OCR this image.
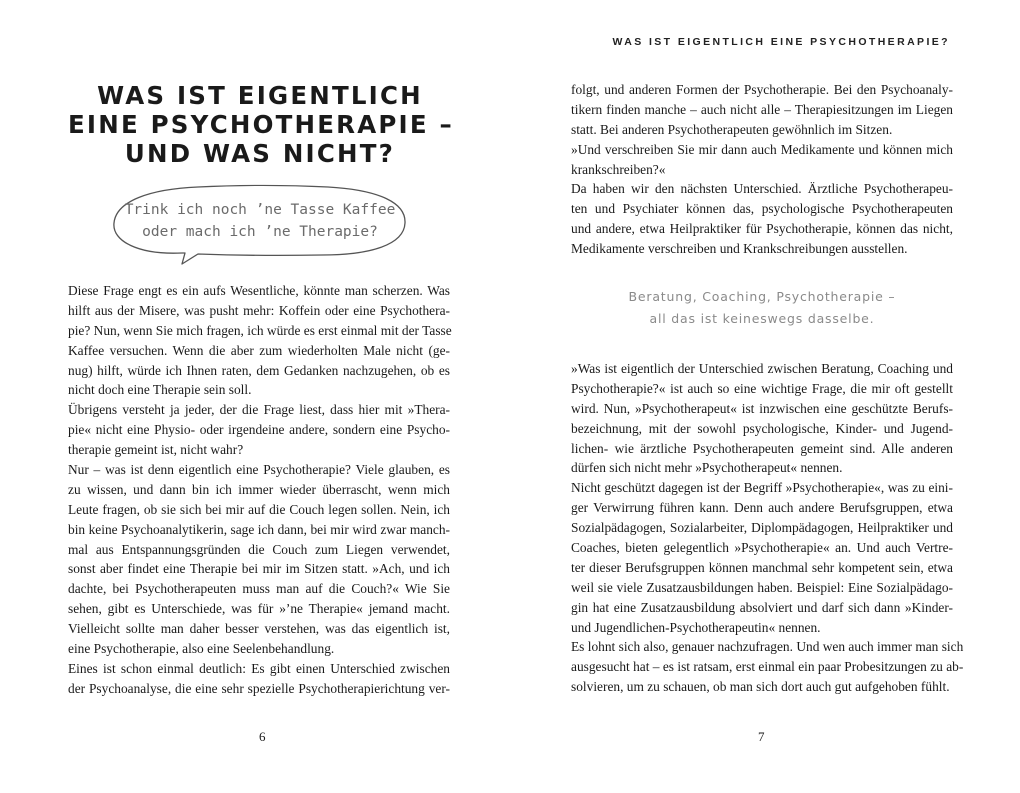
WAS IST EIGENTLICH
EINE PSYCHOTHERAPIE –
UND WAS NICHT?
Trink ich noch ’ne Tasse Kaffee
oder mach ich ’ne Therapie?
Diese Frage engt es ein aufs Wesentliche, könnte man scherzen. Was
hilft aus der Misere, was pusht mehr: Koffein oder eine Psychothera-
pie? Nun, wenn Sie mich fragen, ich würde es erst einmal mit der Tasse
Kaffee versuchen. Wenn die aber zum wiederholten Male nicht (ge-
nug) hilft, würde ich Ihnen raten, dem Gedanken nachzugehen, ob es
nicht doch eine Therapie sein soll.
Übrigens versteht ja jeder, der die Frage liest, dass hier mit »Thera-
pie« nicht eine Physio- oder irgendeine andere, sondern eine Psycho-
therapie gemeint ist, nicht wahr?
Nur – was ist denn eigentlich eine Psychotherapie? Viele glauben, es
zu wissen, und dann bin ich immer wieder überrascht, wenn mich
Leute fragen, ob sie sich bei mir auf die Couch legen sollen. Nein, ich
bin keine Psychoanalytikerin, sage ich dann, bei mir wird zwar manch-
mal aus Entspannungsgründen die Couch zum Liegen verwendet,
sonst aber findet eine Therapie bei mir im Sitzen statt. »Ach, und ich
dachte, bei Psychotherapeuten muss man auf die Couch?« Wie Sie
sehen, gibt es Unterschiede, was für »’ne Therapie« jemand macht.
Vielleicht sollte man daher besser verstehen, was das eigentlich ist,
eine Psychotherapie, also eine Seelenbehandlung.
Eines ist schon einmal deutlich: Es gibt einen Unterschied zwischen
der Psychoanalyse, die eine sehr spezielle Psychotherapierichtung ver-
6
WAS IST EIGENTLICH EINE PSYCHOTHERAPIE?
folgt, und anderen Formen der Psychotherapie. Bei den Psychoanaly-
tikern finden manche – auch nicht alle – Therapiesitzungen im Liegen
statt. Bei anderen Psychotherapeuten gewöhnlich im Sitzen.
»Und verschreiben Sie mir dann auch Medikamente und können mich
krankschreiben?«
Da haben wir den nächsten Unterschied. Ärztliche Psychotherapeu-
ten und Psychiater können das, psychologische Psychotherapeuten
und andere, etwa Heilpraktiker für Psychotherapie, können das nicht,
Medikamente verschreiben und Krankschreibungen ausstellen.
Beratung, Coaching, Psychotherapie –
all das ist keineswegs dasselbe.
»Was ist eigentlich der Unterschied zwischen Beratung, Coaching und
Psychotherapie?« ist auch so eine wichtige Frage, die mir oft gestellt
wird. Nun, »Psychotherapeut« ist inzwischen eine geschützte Berufs-
bezeichnung, mit der sowohl psychologische, Kinder- und Jugend-
lichen- wie ärztliche Psychotherapeuten gemeint sind. Alle anderen
dürfen sich nicht mehr »Psychotherapeut« nennen.
Nicht geschützt dagegen ist der Begriff »Psychotherapie«, was zu eini-
ger Verwirrung führen kann. Denn auch andere Berufsgruppen, etwa
Sozialpädagogen, Sozialarbeiter, Diplompädagogen, Heilpraktiker und
Coaches, bieten gelegentlich »Psychotherapie« an. Und auch Vertre-
ter dieser Berufsgruppen können manchmal sehr kompetent sein, etwa
weil sie viele Zusatzausbildungen haben. Beispiel: Eine Sozialpädago-
gin hat eine Zusatzausbildung absolviert und darf sich dann »Kinder-
und Jugendlichen-Psychotherapeutin« nennen.
Es lohnt sich also, genauer nachzufragen. Und wen auch immer man sich
ausgesucht hat – es ist ratsam, erst einmal ein paar Probesitzungen zu ab-
solvieren, um zu schauen, ob man sich dort auch gut aufgehoben fühlt.
7
